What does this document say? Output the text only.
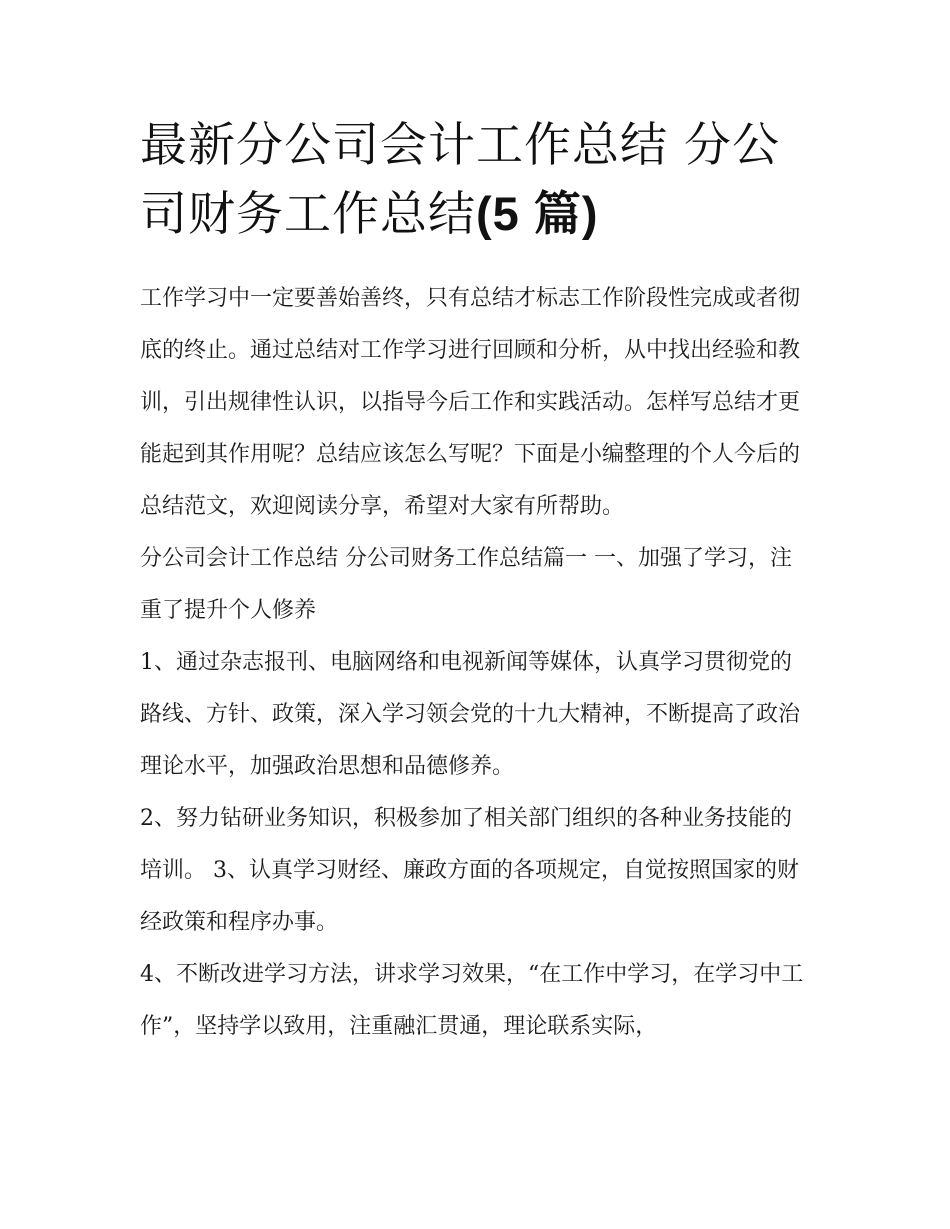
最新分公司会计工作总结 分公司财务工作总结(5 篇)

工作学习中一定要善始善终，只有总结才标志工作阶段性完成或者彻底的终止。通过总结对工作学习进行回顾和分析，从中找出经验和教训，引出规律性认识，以指导今后工作和实践活动。怎样写总结才更能起到其作用呢？总结应该怎么写呢？下面是小编整理的个人今后的总结范文，欢迎阅读分享，希望对大家有所帮助。

分公司会计工作总结 分公司财务工作总结篇一 一、加强了学习，注重了提升个人修养

1、通过杂志报刊、电脑网络和电视新闻等媒体，认真学习贯彻党的路线、方针、政策，深入学习领会党的十九大精神，不断提高了政治理论水平，加强政治思想和品德修养。

2、努力钻研业务知识，积极参加了相关部门组织的各种业务技能的培训。 3、认真学习财经、廉政方面的各项规定，自觉按照国家的财经政策和程序办事。

4、不断改进学习方法，讲求学习效果，“在工作中学习，在学习中工作”，坚持学以致用，注重融汇贯通，理论联系实际，
